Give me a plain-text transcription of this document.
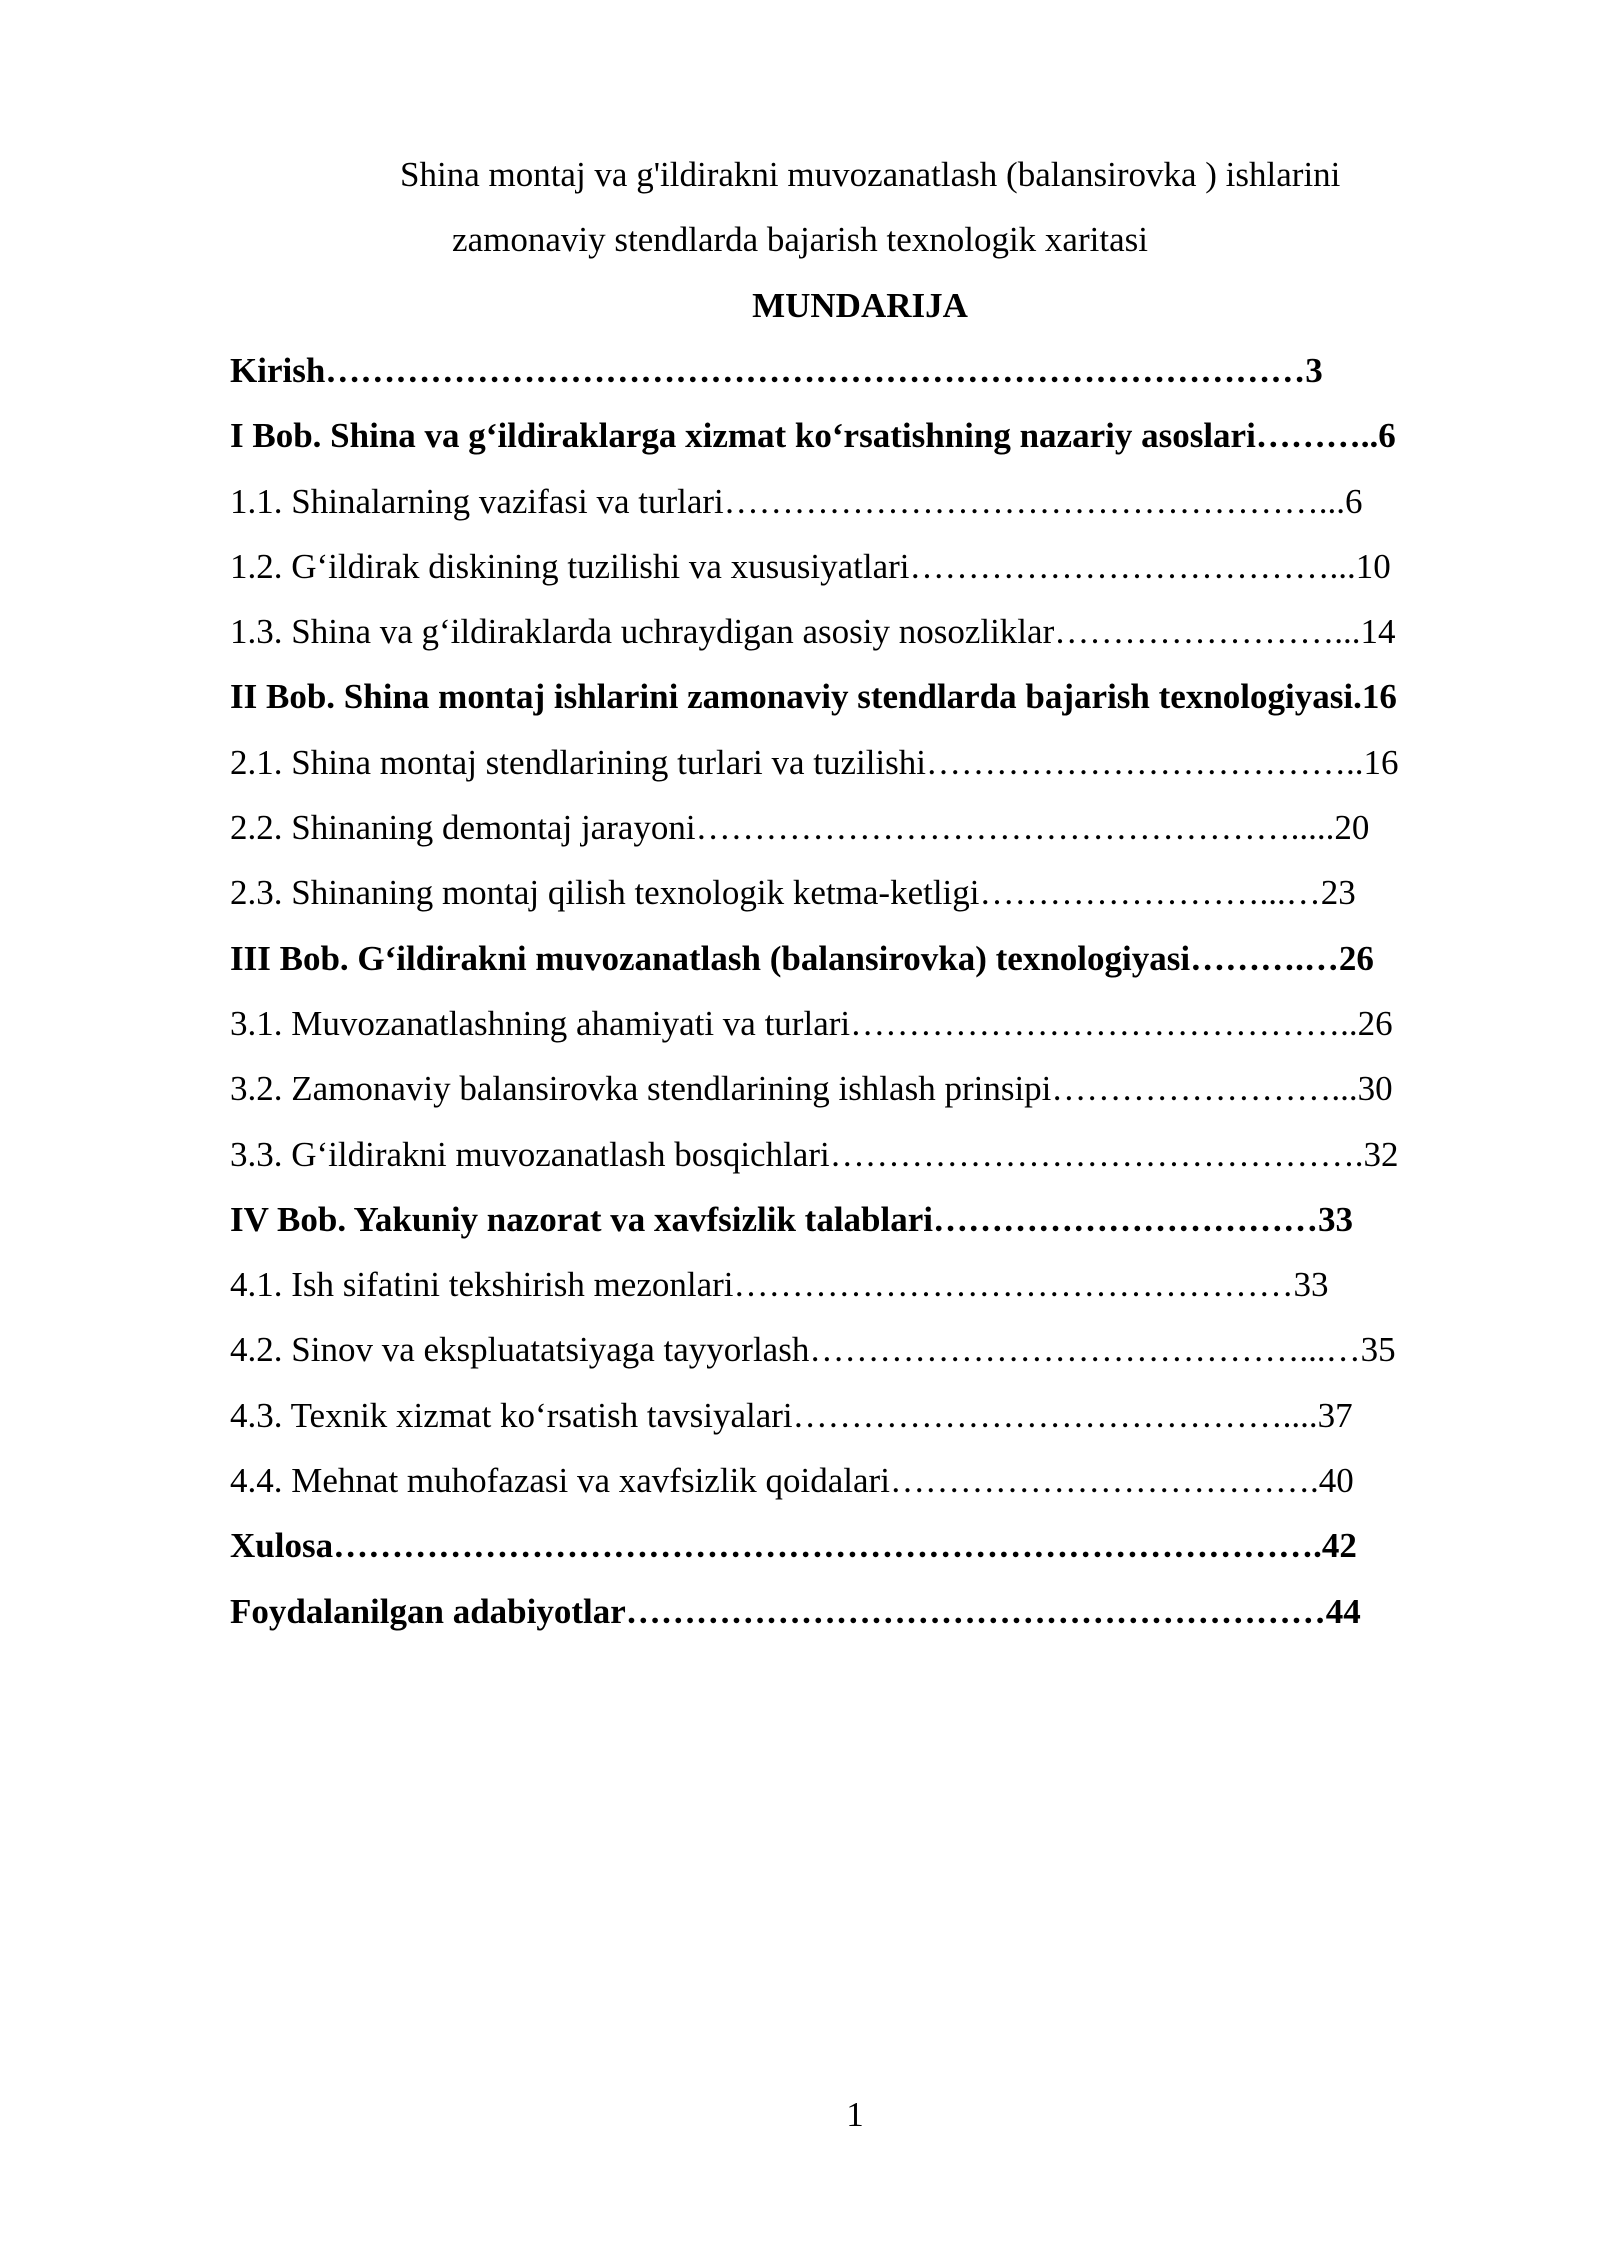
Shina montaj va g'ildirakni muvozanatlash (balansirovka ) ishlarini
zamonaviy stendlarda bajarish texnologik xaritasi
MUNDARIJA
Kirish…………………………………………………………………………3
I Bob. Shina va g‘ildiraklarga xizmat ko‘rsatishning nazariy asoslari………..6
1.1. Shinalarning vazifasi va turlari……………………………………………...6
1.2. G‘ildirak diskining tuzilishi va xususiyatlari………………………………...10
1.3. Shina va g‘ildiraklarda uchraydigan asosiy nosozliklar……………………...14
II Bob. Shina montaj ishlarini zamonaviy stendlarda bajarish texnologiyasi.16
2.1. Shina montaj stendlarining turlari va tuzilishi………………………………..16
2.2. Shinaning demontaj jarayoni…………………………………………….....20
2.3. Shinaning montaj qilish texnologik ketma-ketligi……………………...…23
III Bob. G‘ildirakni muvozanatlash (balansirovka) texnologiyasi……….…26
3.1. Muvozanatlashning ahamiyati va turlari……………………………………..26
3.2. Zamonaviy balansirovka stendlarining ishlash prinsipi……………………...30
3.3. G‘ildirakni muvozanatlash bosqichlari……………………………………….32
IV Bob. Yakuniy nazorat va xavfsizlik talablari……………………………33
4.1. Ish sifatini tekshirish mezonlari…………………………………………33
4.2. Sinov va ekspluatatsiyaga tayyorlash……………………………………...…35
4.3. Texnik xizmat ko‘rsatish tavsiyalari……………………………………....37
4.4. Mehnat muhofazasi va xavfsizlik qoidalari……………………………….40
Xulosa………………………………………………………………………….42
Foydalanilgan adabiyotlar……………………………………………………44
1
